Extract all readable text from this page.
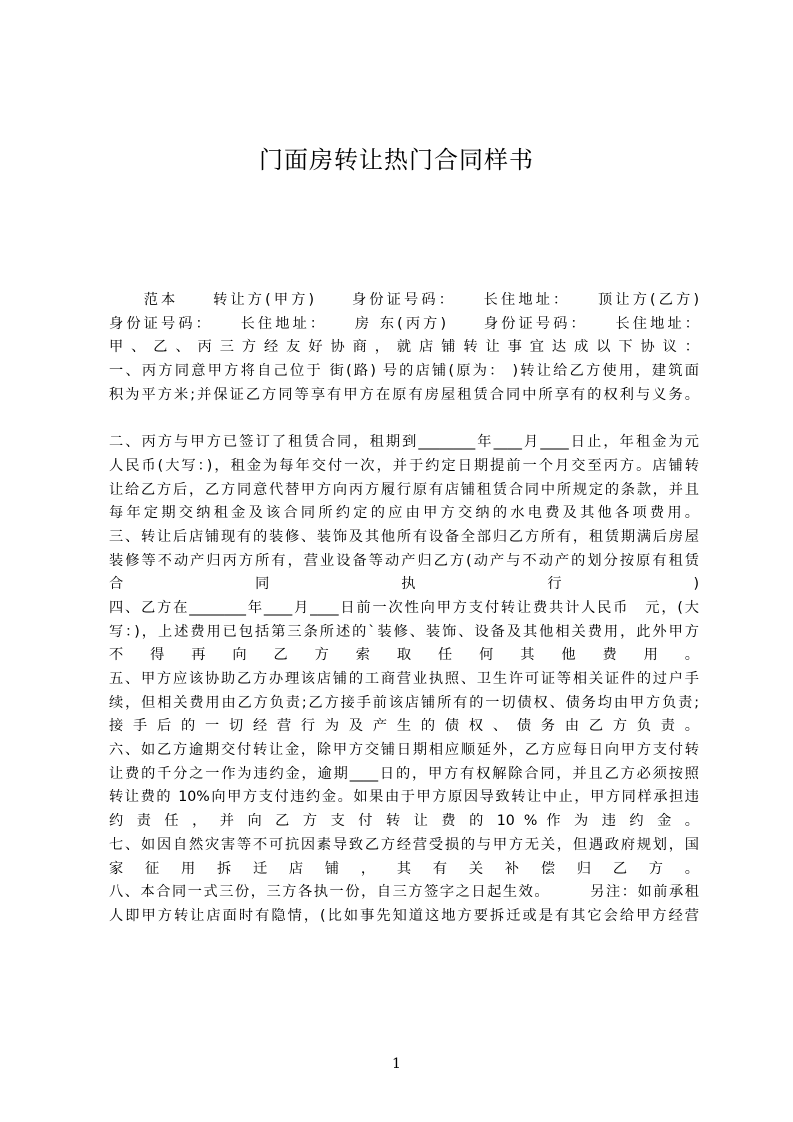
门面房转让热门合同样书
　　范本　　转让方(甲方)　　身份证号码：　　长住地址：　　顶让方(乙方)
身份证号码：　　长住地址：　　房 东(丙方)　　身份证号码：　　长住地址：
甲 、 乙 、 丙 三 方 经 友 好 协 商 ， 就 店 铺 转 让 事 宜 达 成 以 下 协 议 ：
一、丙方同意甲方将自己位于 街(路) 号的店铺(原为： )转让给乙方使用，建筑面
积为平方米;并保证乙方同等享有甲方在原有房屋租赁合同中所享有的权利与义务。
二、丙方与甲方已签订了租赁合同，租期到________年____月____日止，年租金为元
人民币(大写：)，租金为每年交付一次，并于约定日期提前一个月交至丙方。店铺转
让给乙方后，乙方同意代替甲方向丙方履行原有店铺租赁合同中所规定的条款，并且
每年定期交纳租金及该合同所约定的应由甲方交纳的水电费及其他各项费用。
三、转让后店铺现有的装修、装饰及其他所有设备全部归乙方所有，租赁期满后房屋
装修等不动产归丙方所有，营业设备等动产归乙方(动产与不动产的划分按原有租赁
合 同 执 行 )
四、乙方在________年____月____日前一次性向甲方支付转让费共计人民币　元，(大
写：)，上述费用已包括第三条所述的`装修、装饰、设备及其他相关费用，此外甲方
不 得 再 向 乙 方 索 取 任 何 其 他 费 用 。
五、甲方应该协助乙方办理该店铺的工商营业执照、卫生许可证等相关证件的过户手
续，但相关费用由乙方负责;乙方接手前该店铺所有的一切债权、债务均由甲方负责;
接 手 后 的 一 切 经 营 行 为 及 产 生 的 债 权 、 债 务 由 乙 方 负 责 。
六、如乙方逾期交付转让金，除甲方交铺日期相应顺延外，乙方应每日向甲方支付转
让费的千分之一作为违约金，逾期____日的，甲方有权解除合同，并且乙方必须按照
转让费的 10%向甲方支付违约金。如果由于甲方原因导致转让中止，甲方同样承担违
约 责 任 ， 并 向 乙 方 支 付 转 让 费 的 10 % 作 为 违 约 金 。
七、如因自然灾害等不可抗因素导致乙方经营受损的与甲方无关，但遇政府规划，国
家 征 用 拆 迁 店 铺 ， 其 有 关 补 偿 归 乙 方 。
八、本合同一式三份，三方各执一份，自三方签字之日起生效。　　　另注：如前承租
人即甲方转让店面时有隐情，(比如事先知道这地方要拆迁或是有其它会给甲方经营
1
